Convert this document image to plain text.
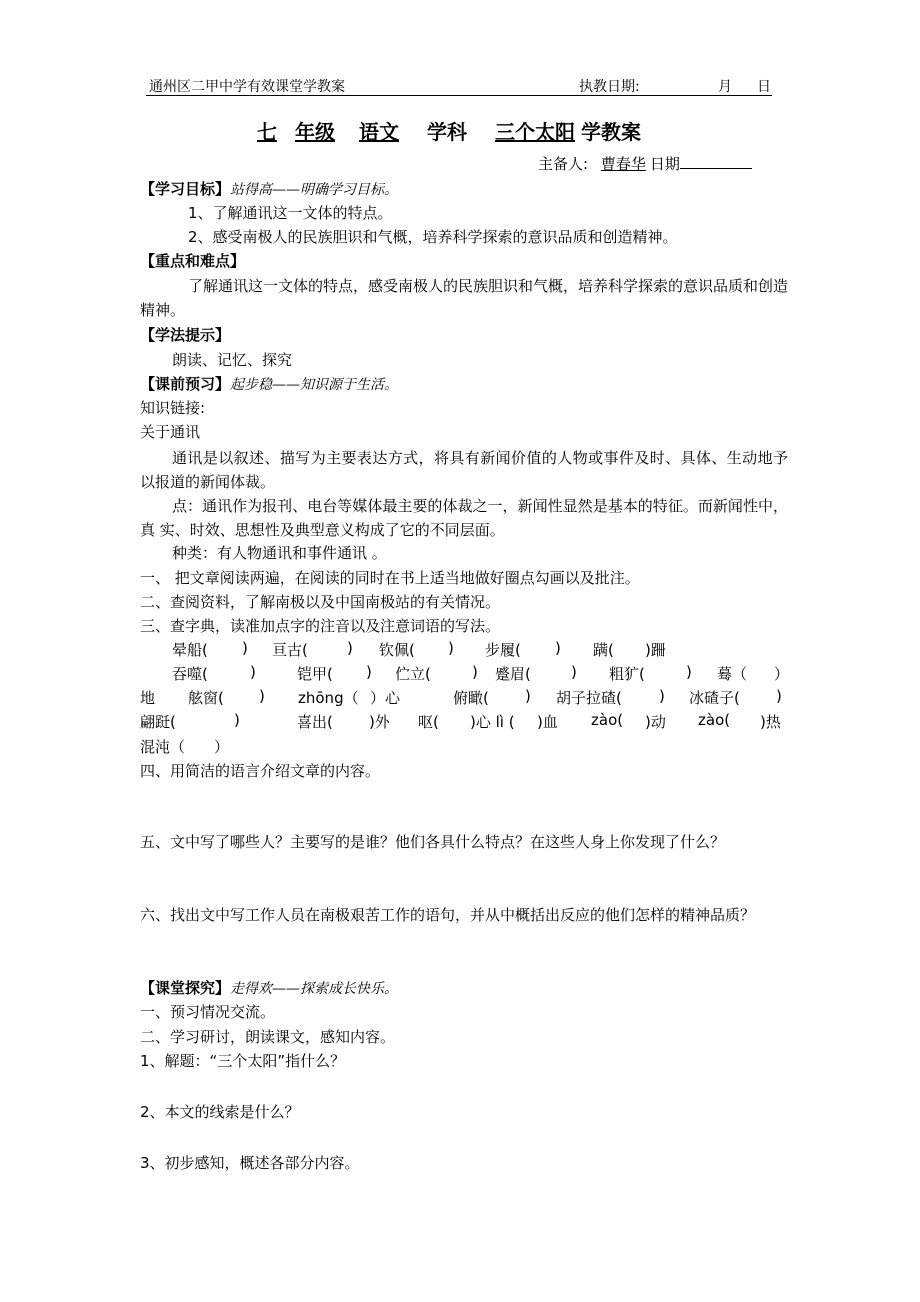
通州区二甲中学有效课堂学教案	执教日期:	月 日
七 年级 语文 学科 三个太阳 学教案
主备人: 曹春华 日期
【学习目标】站得高——明确学习目标。
1、了解通讯这一文体的特点。
2、感受南极人的民族胆识和气概，培养科学探索的意识品质和创造精神。
【重点和难点】
了解通讯这一文体的特点，感受南极人的民族胆识和气概，培养科学探索的意识品质和创造精神。
【学法提示】
朗读、记忆、探究
【课前预习】起步稳——知识源于生活。
知识链接:
关于通讯
通讯是以叙述、描写为主要表达方式，将具有新闻价值的人物或事件及时、具体、生动地予 以报道的新闻体裁。
点：通讯作为报刊、电台等媒体最主要的体裁之一，新闻性显然是基本的特征。而新闻性中，真 实、时效、思想性及典型意义构成了它的不同层面。
种类：有人物通讯和事件通讯 。
一、 把文章阅读两遍，在阅读的同时在书上适当地做好圈点勾画以及批注。
二、查阅资料，了解南极以及中国南极站的有关情况。
三、查字典，读准加点字的注音以及注意词语的写法。
晕船( ) 亘古(	) 钦佩( ) 步履( ) 蹒( )跚
吞噬(	)	铠甲( ) 伫立(	) 蹙眉(	) 粗犷(	) 蓦（ ）
地 舷窗( ) zhōng（ ）心	俯瞰( ) 胡子拉碴( ) 冰碴子( )
翩跹(	)	喜出( )外 呕( )心 lì ( )血 zào( )动 zào( )热
混沌（ ）
四、用简洁的语言介绍文章的内容。
五、文中写了哪些人？主要写的是谁？他们各具什么特点？在这些人身上你发现了什么？
六、找出文中写工作人员在南极艰苦工作的语句，并从中概括出反应的他们怎样的精神品质？
【课堂探究】走得欢——探索成长快乐。
一、预习情况交流。
二、学习研讨，朗读课文，感知内容。
1、解题：“三个太阳”指什么？
2、本文的线索是什么？
3、初步感知，概述各部分内容。
